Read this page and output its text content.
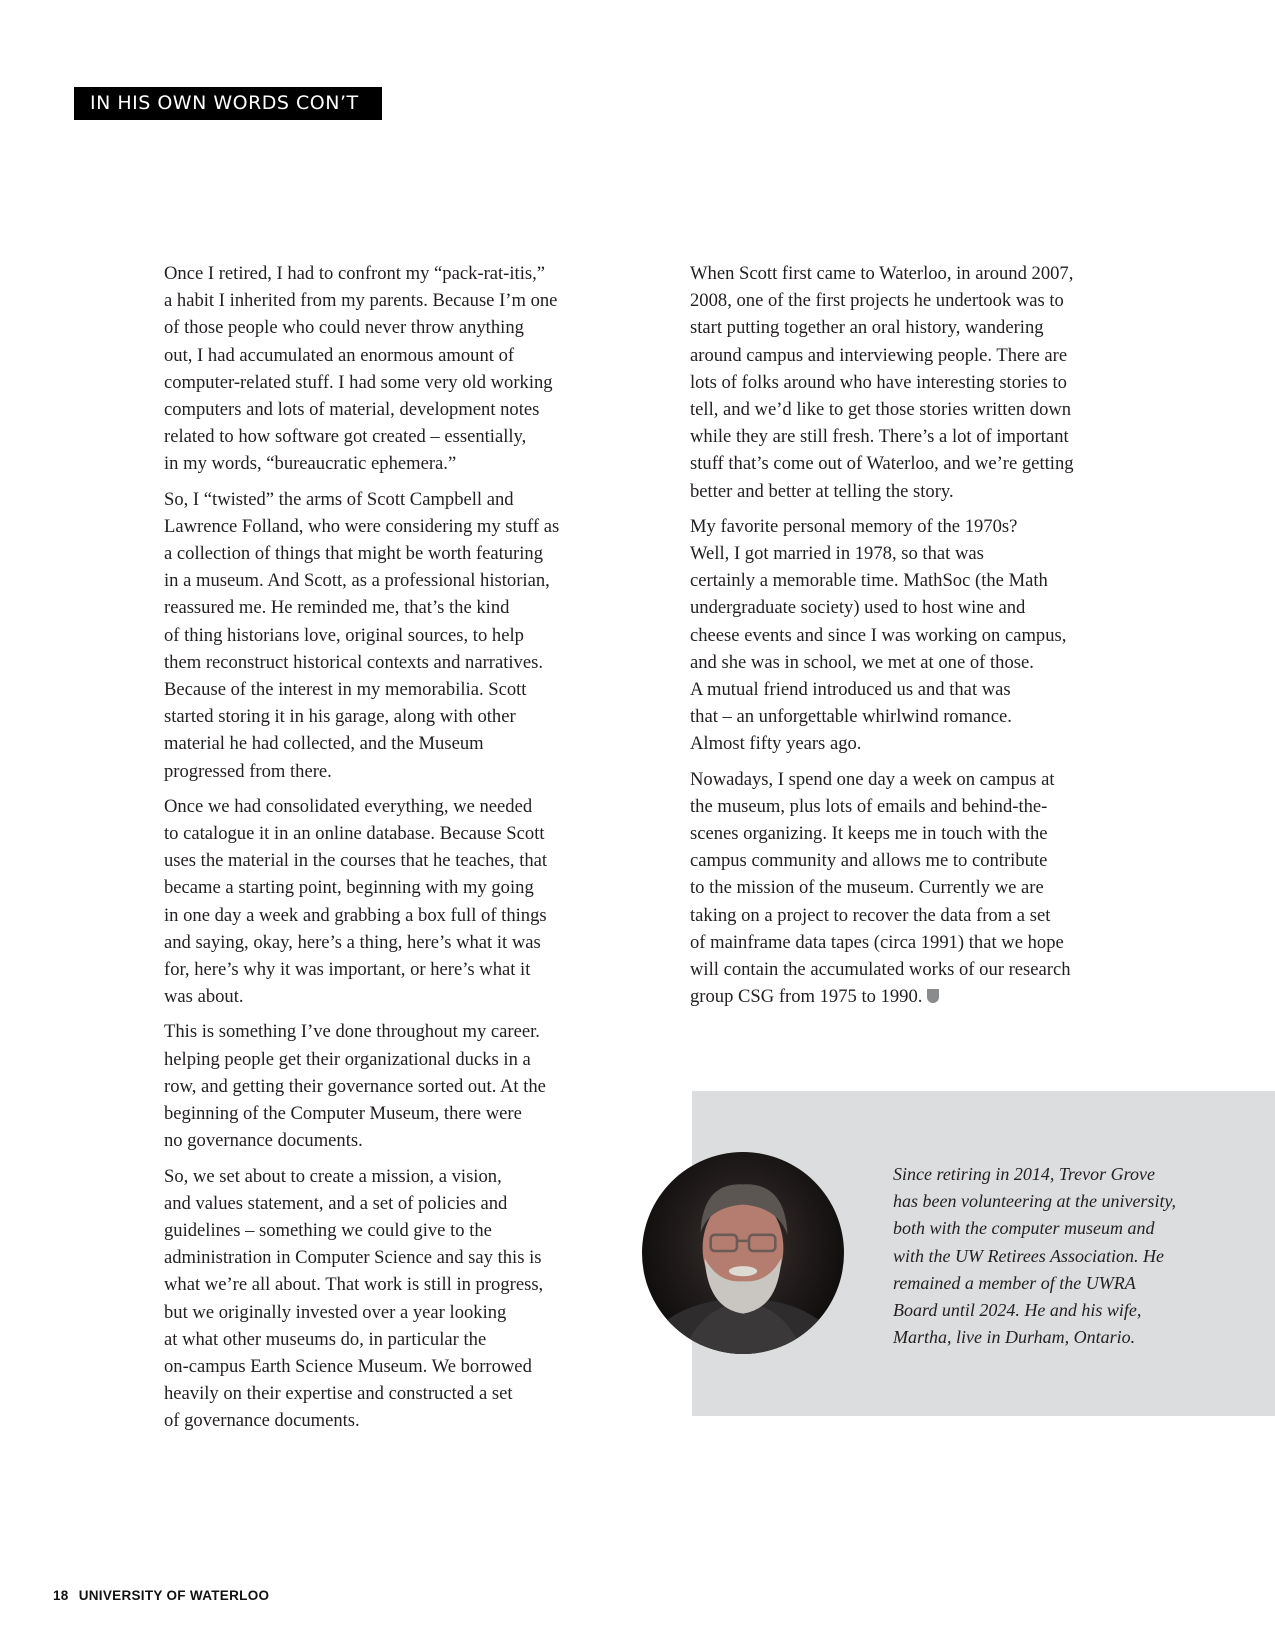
IN HIS OWN WORDS CON’T

Once I retired, I had to confront my “pack-rat-itis,”
a habit I inherited from my parents. Because I’m one
of those people who could never throw anything
out, I had accumulated an enormous amount of
computer-related stuff. I had some very old working
computers and lots of material, development notes
related to how software got created – essentially,
in my words, “bureaucratic ephemera.”

So, I “twisted” the arms of Scott Campbell and
Lawrence Folland, who were considering my stuff as
a collection of things that might be worth featuring
in a museum. And Scott, as a professional historian,
reassured me. He reminded me, that’s the kind
of thing historians love, original sources, to help
them reconstruct historical contexts and narratives.
Because of the interest in my memorabilia. Scott
started storing it in his garage, along with other
material he had collected, and the Museum
progressed from there.

Once we had consolidated everything, we needed
to catalogue it in an online database. Because Scott
uses the material in the courses that he teaches, that
became a starting point, beginning with my going
in one day a week and grabbing a box full of things
and saying, okay, here’s a thing, here’s what it was
for, here’s why it was important, or here’s what it
was about.

This is something I’ve done throughout my career.
helping people get their organizational ducks in a
row, and getting their governance sorted out. At the
beginning of the Computer Museum, there were
no governance documents.

So, we set about to create a mission, a vision,
and values statement, and a set of policies and
guidelines – something we could give to the
administration in Computer Science and say this is
what we’re all about. That work is still in progress,
but we originally invested over a year looking
at what other museums do, in particular the
on-campus Earth Science Museum. We borrowed
heavily on their expertise and constructed a set
of governance documents.

When Scott first came to Waterloo, in around 2007,
2008, one of the first projects he undertook was to
start putting together an oral history, wandering
around campus and interviewing people. There are
lots of folks around who have interesting stories to
tell, and we’d like to get those stories written down
while they are still fresh. There’s a lot of important
stuff that’s come out of Waterloo, and we’re getting
better and better at telling the story.

My favorite personal memory of the 1970s?
Well, I got married in 1978, so that was
certainly a memorable time. MathSoc (the Math
undergraduate society) used to host wine and
cheese events and since I was working on campus,
and she was in school, we met at one of those.
A mutual friend introduced us and that was
that – an unforgettable whirlwind romance.
Almost fifty years ago.

Nowadays, I spend one day a week on campus at
the museum, plus lots of emails and behind-the-
scenes organizing. It keeps me in touch with the
campus community and allows me to contribute
to the mission of the museum. Currently we are
taking on a project to recover the data from a set
of mainframe data tapes (circa 1991) that we hope
will contain the accumulated works of our research
group CSG from 1975 to 1990.

Since retiring in 2014, Trevor Grove
has been volunteering at the university,
both with the computer museum and
with the UW Retirees Association. He
remained a member of the UWRA
Board until 2024. He and his wife,
Martha, live in Durham, Ontario.
18 UNIVERSITY OF WATERLOO
